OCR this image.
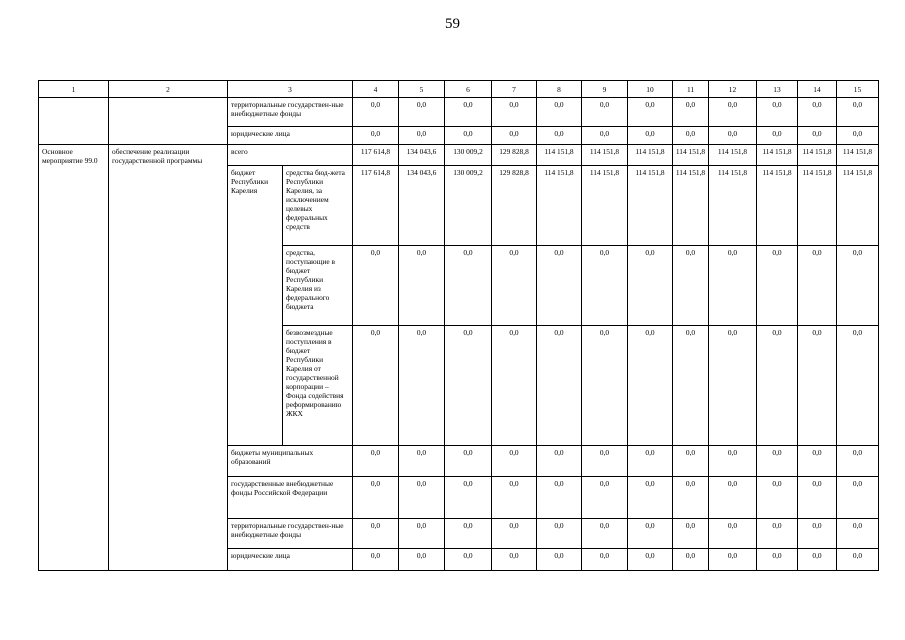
59
1	2	3		4	5	6	7	8	9	10	11	12	13	14	15
		территориальные государствен-ные внебюджетные фонды		0,0	0,0	0,0	0,0	0,0	0,0	0,0	0,0	0,0	0,0	0,0	0,0
		юридические лица		0,0	0,0	0,0	0,0	0,0	0,0	0,0	0,0	0,0	0,0	0,0	0,0
Основное мероприятие 99.0	обеспечение реализации государственной программы	всего		117 614,8	134 043,6	130 009,2	129 828,8	114 151,8	114 151,8	114 151,8	114 151,8	114 151,8	114 151,8	114 151,8	114 151,8
		бюджет Республики Карелия	средства бюд-жета Республики Карелия, за исключением целевых федеральных средств	117 614,8	134 043,6	130 009,2	129 828,8	114 151,8	114 151,8	114 151,8	114 151,8	114 151,8	114 151,8	114 151,8	114 151,8
			средства, поступающие в бюджет Республики Карелия из федерального бюджета	0,0	0,0	0,0	0,0	0,0	0,0	0,0	0,0	0,0	0,0	0,0	0,0
			безвозмездные поступления в бюджет Республики Карелия от государственной корпорации – Фонда содействия реформированию ЖКХ	0,0	0,0	0,0	0,0	0,0	0,0	0,0	0,0	0,0	0,0	0,0	0,0
		бюджеты муниципальных образований		0,0	0,0	0,0	0,0	0,0	0,0	0,0	0,0	0,0	0,0	0,0	0,0
		государственные внебюджетные фонды Российской Федерации		0,0	0,0	0,0	0,0	0,0	0,0	0,0	0,0	0,0	0,0	0,0	0,0
		территориальные государствен-ные внебюджетные фонды		0,0	0,0	0,0	0,0	0,0	0,0	0,0	0,0	0,0	0,0	0,0	0,0
		юридические лица		0,0	0,0	0,0	0,0	0,0	0,0	0,0	0,0	0,0	0,0	0,0	0,0
